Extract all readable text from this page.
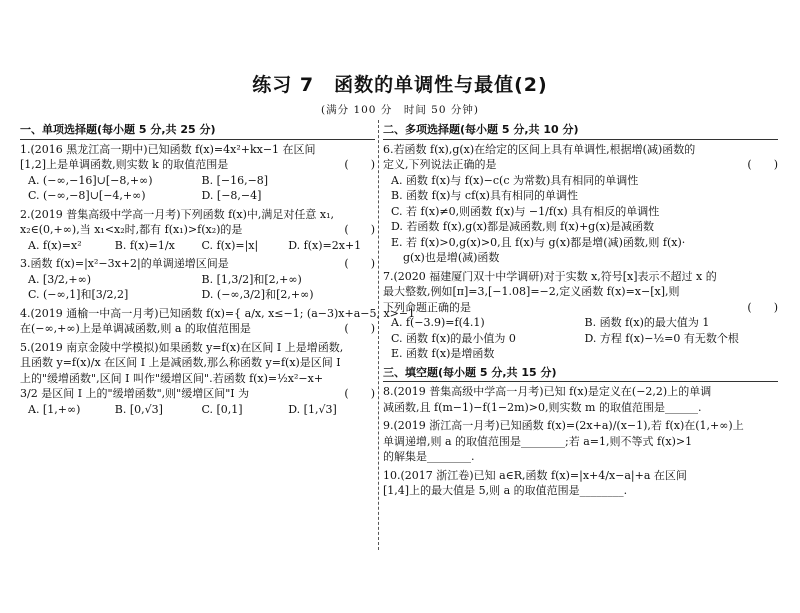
练习 7　函数的单调性与最值(2)
(满分 100 分　时间 50 分钟)
一、单项选择题(每小题 5 分,共 25 分)
1.(2016 黑龙江高一期中)已知函数 f(x)=4x²+kx−1 在区间
[1,2]上是单调函数,则实数 k 的取值范围是	(　　)
A. (−∞,−16]∪[−8,+∞)	B. [−16,−8]
C. (−∞,−8]∪[−4,+∞)	D. [−8,−4]
2.(2019 普集高级中学高一月考)下列函数 f(x)中,满足对任意 x₁,
x₂∈(0,+∞),当 x₁<x₂时,都有 f(x₁)>f(x₂)的是	(　　)
A. f(x)=x²	B. f(x)=1/x	C. f(x)=|x|	D. f(x)=2x+1
3.函数 f(x)=|x²−3x+2|的单调递增区间是	(　　)
A. [3/2,+∞)	B. [1,3/2]和[2,+∞)
C. (−∞,1]和[3/2,2]	D. (−∞,3/2]和[2,+∞)
4.(2019 通榆一中高一月考)已知函数 f(x)={ a/x, x≤−1; (a−3)x+a−5, x>−1
在(−∞,+∞)上是单调减函数,则 a 的取值范围是	(　　)
5.(2019 南京金陵中学模拟)如果函数 y=f(x)在区间 I 上是增函数,
且函数 y=f(x)/x 在区间 I 上是减函数,那么称函数 y=f(x)是区间 I
上的"缓增函数",区间 I 叫作"缓增区间".若函数 f(x)=½x²−x+
3/2 是区间 I 上的"缓增函数",则"缓增区间"I 为	(　　)
A. [1,+∞)	B. [0,√3]	C. [0,1]	D. [1,√3]
二、多项选择题(每小题 5 分,共 10 分)
6.若函数 f(x),g(x)在给定的区间上具有单调性,根据增(减)函数的
定义,下列说法正确的是	(　　)
A. 函数 f(x)与 f(x)−c(c 为常数)具有相同的单调性
B. 函数 f(x)与 cf(x)具有相同的单调性
C. 若 f(x)≠0,则函数 f(x)与 −1/f(x) 具有相反的单调性
D. 若函数 f(x),g(x)都是减函数,则 f(x)+g(x)是减函数
E. 若 f(x)>0,g(x)>0,且 f(x)与 g(x)都是增(减)函数,则 f(x)·
g(x)也是增(减)函数
7.(2020 福建厦门双十中学调研)对于实数 x,符号[x]表示不超过 x 的
最大整数,例如[π]=3,[−1.08]=−2,定义函数 f(x)=x−[x],则
下列命题正确的是	(　　)
A. f(−3.9)=f(4.1)	B. 函数 f(x)的最大值为 1
C. 函数 f(x)的最小值为 0	D. 方程 f(x)−½=0 有无数个根
E. 函数 f(x)是增函数
三、填空题(每小题 5 分,共 15 分)
8.(2019 普集高级中学高一月考)已知 f(x)是定义在(−2,2)上的单调
减函数,且 f(m−1)−f(1−2m)>0,则实数 m 的取值范围是______.
9.(2019 浙江高一月考)已知函数 f(x)=(2x+a)/(x−1),若 f(x)在(1,+∞)上
单调递增,则 a 的取值范围是________;若 a=1,则不等式 f(x)>1
的解集是________.
10.(2017 浙江卷)已知 a∈R,函数 f(x)=|x+4/x−a|+a 在区间
[1,4]上的最大值是 5,则 a 的取值范围是________.
